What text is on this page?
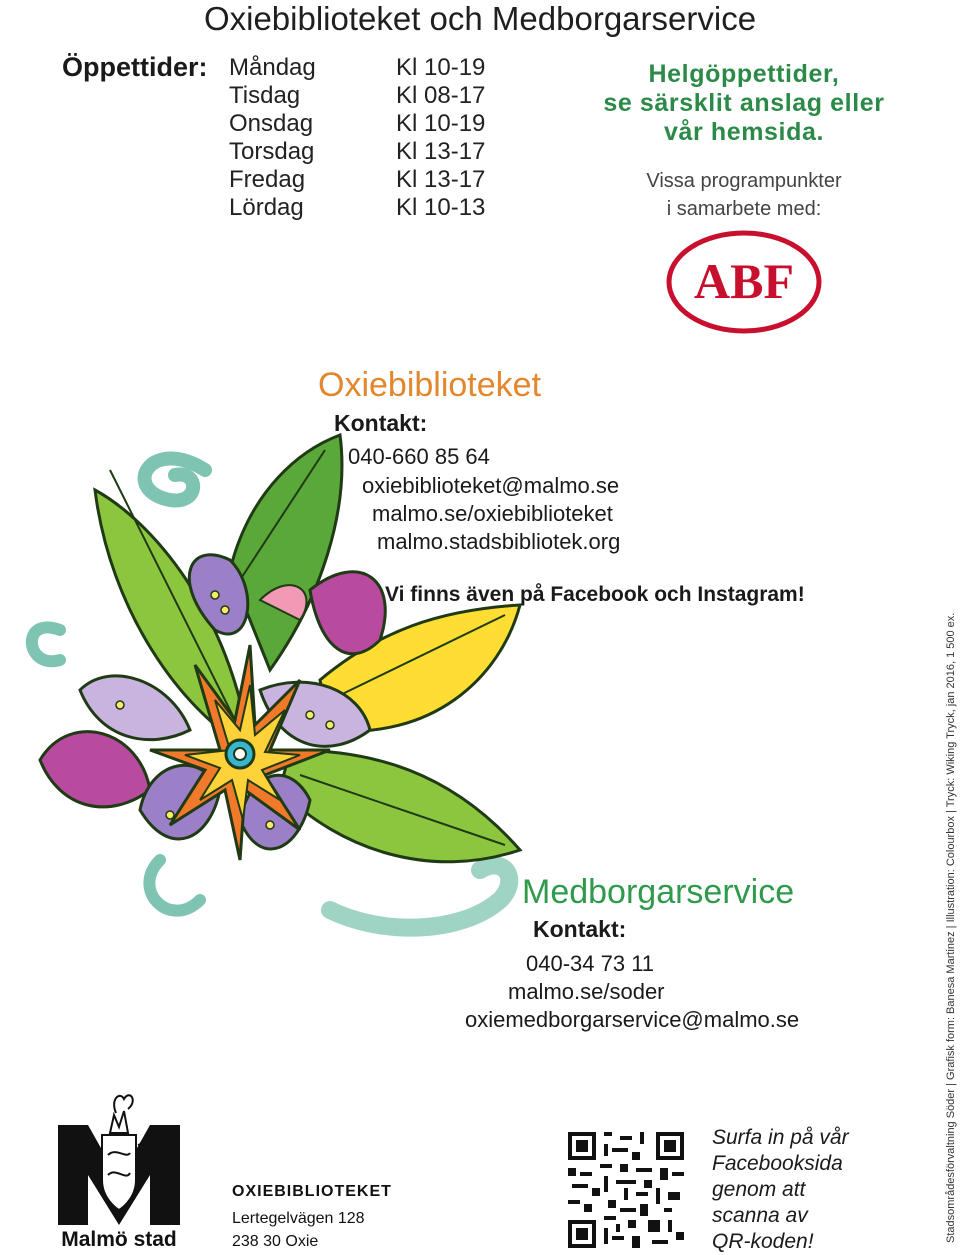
Oxiebiblioteket och Medborgarservice
Öppettider: Måndag
Tisdag
Onsdag
Torsdag
Fredag
Lördag
Kl 10-19
Kl 08-17
Kl 10-19
Kl 13-17
Kl 13-17
Kl 10-13
Helgöppettider,
se särsklit anslag eller
vår hemsida.
Vissa programpunkter
i samarbete med:
ABF
Oxiebiblioteket
Kontakt:
040-660 85 64
oxiebiblioteket@malmo.se
malmo.se/oxiebiblioteket
malmo.stadsbibliotek.org
Vi finns även på Facebook och Instagram!
Medborgarservice
Kontakt:
040-34 73 11
malmo.se/soder
oxiemedborgarservice@malmo.se
Malmö stad
OXIEBIBLIOTEKET
Lertegelvägen 128
238 30 Oxie
Surfa in på vår
Facebooksida
genom att
scanna av
QR-koden!	Stadsområdesförvaltning Söder | Grafisk form: Banesa Martinez | Illustration: Colourbox | Tryck: Wiking Tryck, jan 2016, 1 500 ex.
